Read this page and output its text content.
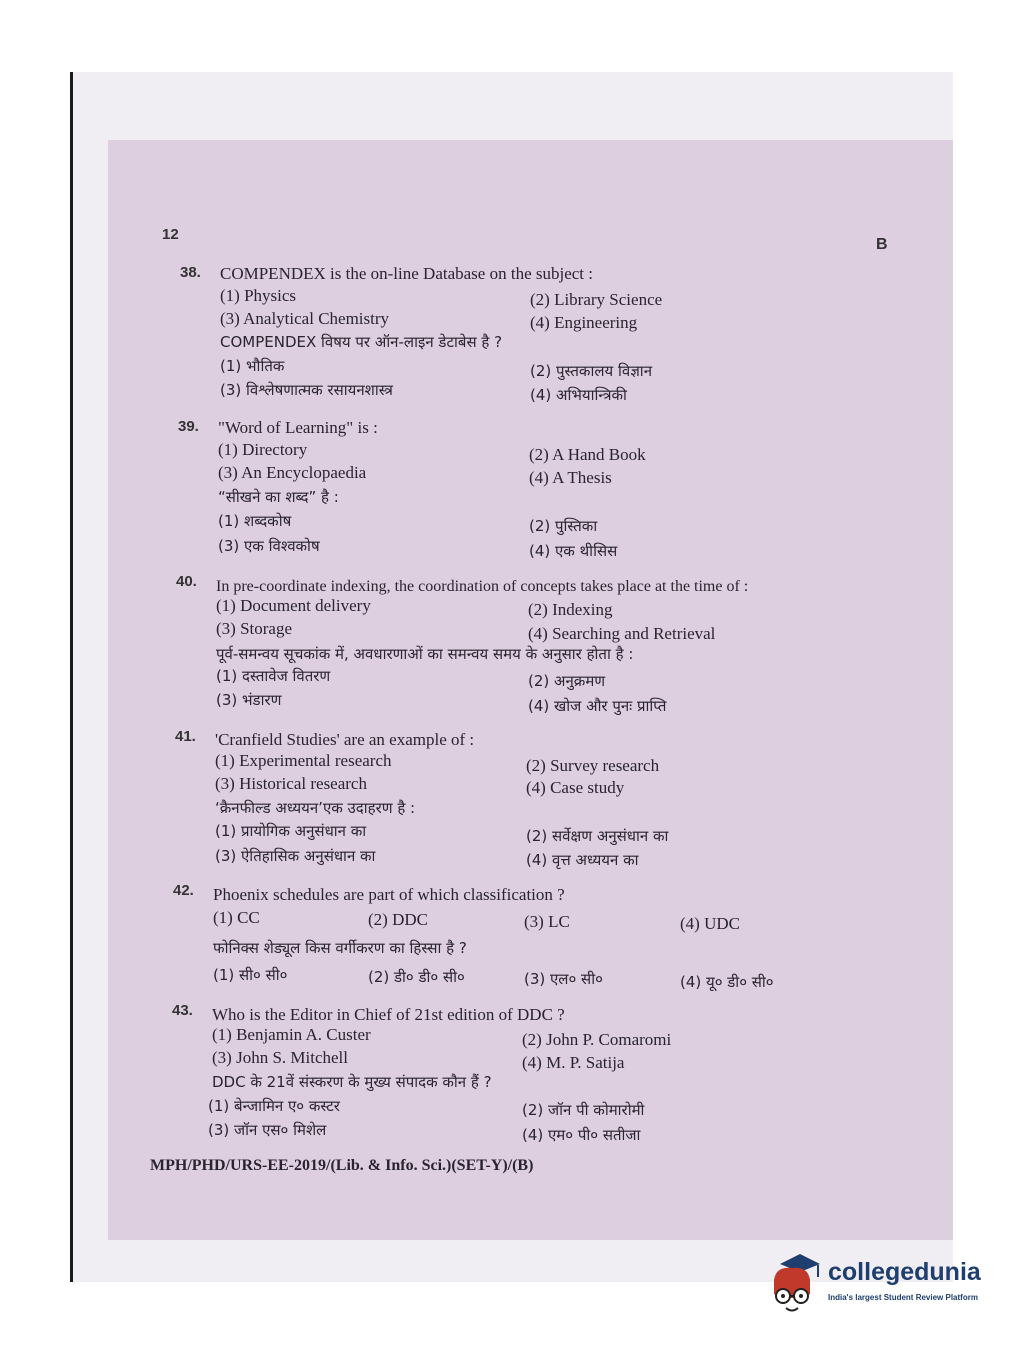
12
B
38. COMPENDEX is the on-line Database on the subject :
(1) Physics	(2) Library Science
(3) Analytical Chemistry	(4) Engineering
COMPENDEX विषय पर ऑन-लाइन डेटाबेस है ?
(1) भौतिक	(2) पुस्तकालय विज्ञान
(3) विश्लेषणात्मक रसायनशास्त्र	(4) अभियान्त्रिकी
39. "Word of Learning" is :
(1) Directory	(2) A Hand Book
(3) An Encyclopaedia	(4) A Thesis
“सीखने का शब्द” है :
(1) शब्दकोष	(2) पुस्तिका
(3) एक विश्वकोष	(4) एक थीसिस
40. In pre-coordinate indexing, the coordination of concepts takes place at the time of :
(1) Document delivery	(2) Indexing
(3) Storage	(4) Searching and Retrieval
पूर्व-समन्वय सूचकांक में, अवधारणाओं का समन्वय समय के अनुसार होता है :
(1) दस्तावेज वितरण	(2) अनुक्रमण
(3) भंडारण	(4) खोज और पुनः प्राप्ति
41. 'Cranfield Studies' are an example of :
(1) Experimental research	(2) Survey research
(3) Historical research	(4) Case study
‘क्रैनफील्ड अध्ययन’एक उदाहरण है :
(1) प्रायोगिक अनुसंधान का	(2) सर्वेक्षण अनुसंधान का
(3) ऐतिहासिक अनुसंधान का	(4) वृत्त अध्ययन का
42. Phoenix schedules are part of which classification ?
(1) CC	(2) DDC	(3) LC	(4) UDC
फोनिक्स शेड्यूल किस वर्गीकरण का हिस्सा है ?
(1) सी० सी०	(2) डी० डी० सी०	(3) एल० सी०	(4) यू० डी० सी०
43. Who is the Editor in Chief of 21st edition of DDC ?
(1) Benjamin A. Custer	(2) John P. Comaromi
(3) John S. Mitchell	(4) M. P. Satija
DDC के 21वें संस्करण के मुख्य संपादक कौन हैं ?
(1) बेन्जामिन ए० कस्टर	(2) जॉन पी कोमारोमी
(3) जॉन एस० मिशेल	(4) एम० पी० सतीजा
MPH/PHD/URS-EE-2019/(Lib. & Info. Sci.)(SET-Y)/(B)
collegedunia
India's largest Student Review Platform
